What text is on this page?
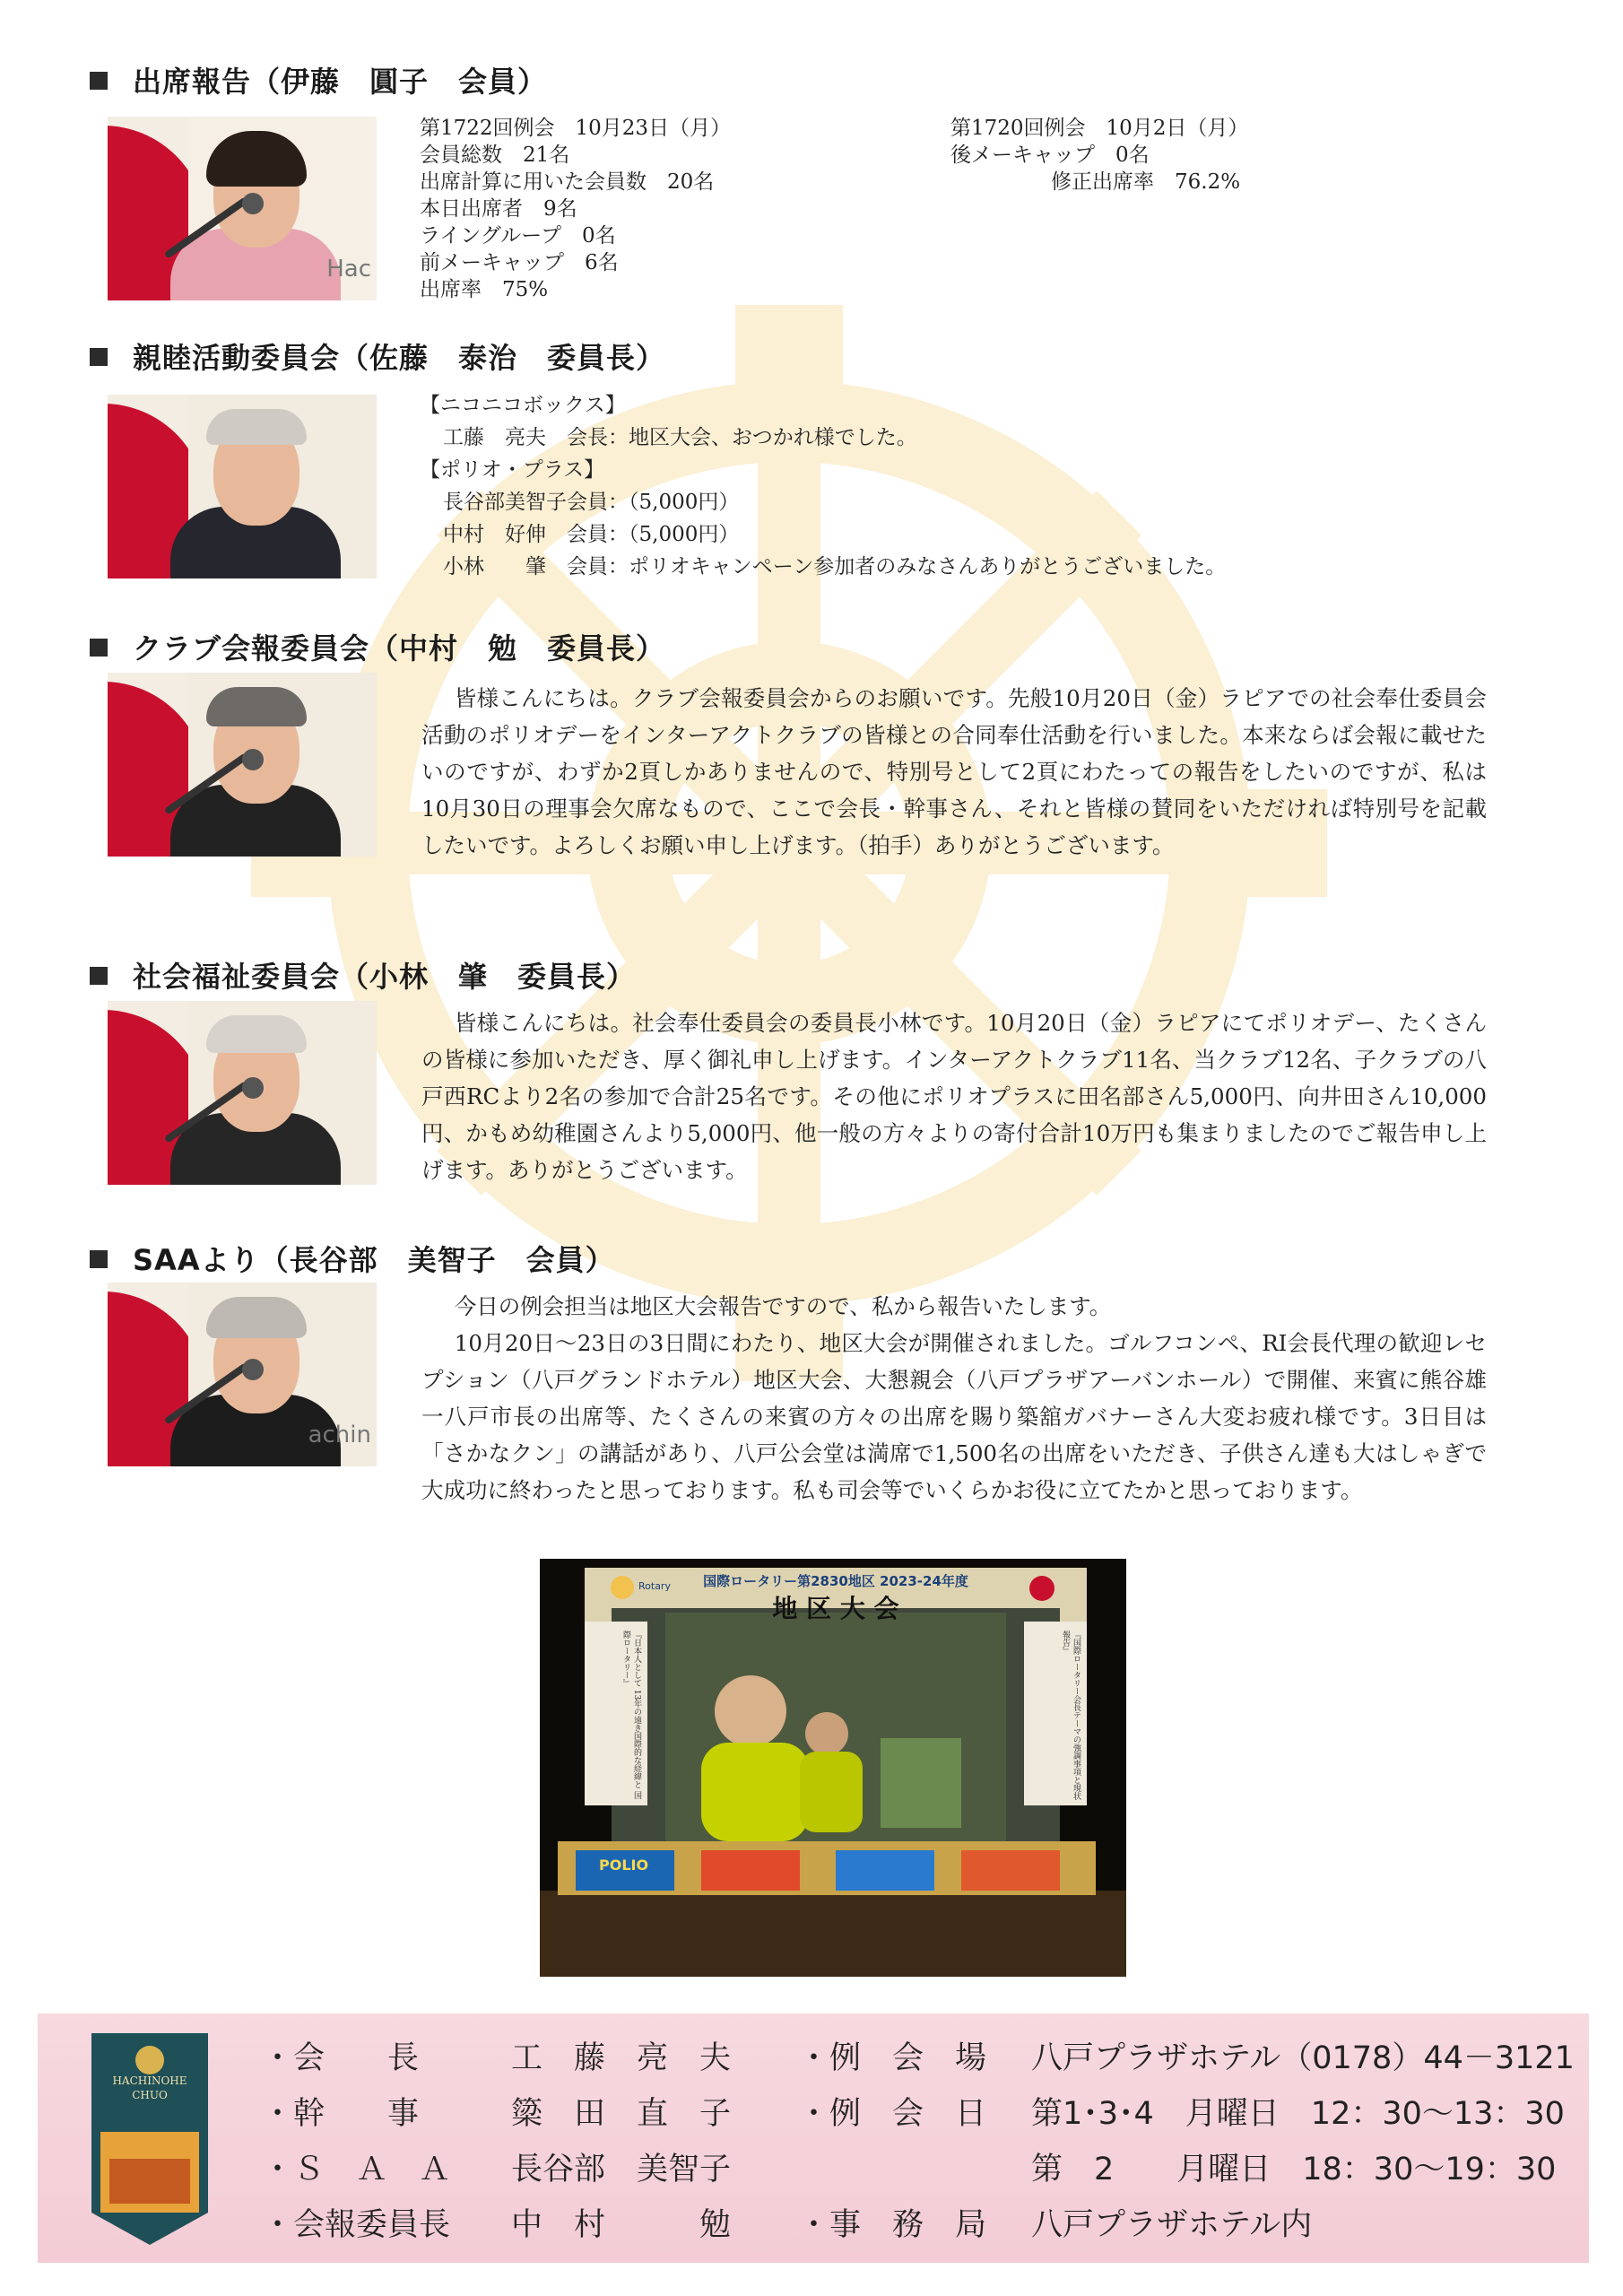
出席報告（伊藤　圓子　会員）
Hac
第1722回例会　10月23日（月）
会員総数　21名
出席計算に用いた会員数　20名
本日出席者　9名
ライングループ　0名
前メーキャップ　6名
出席率　75%
第1720回例会　10月2日（月）
後メーキャップ　0名
修正出席率　76.2%
親睦活動委員会（佐藤　泰治　委員長）
【ニコニコボックス】
工藤　亮夫　会長：地区大会、おつかれ様でした。
【ポリオ・プラス】
長谷部美智子会員：（5,000円）
中村　好伸　会員：（5,000円）
小林　　肇　会員：ポリオキャンペーン参加者のみなさんありがとうございました。
クラブ会報委員会（中村　勉　委員長）

皆様こんにちは。クラブ会報委員会からのお願いです。先般10月20日（金）ラピアでの社会奉仕委員会活動のポリオデーをインターアクトクラブの皆様との合同奉仕活動を行いました。本来ならば会報に載せたいのですが、わずか2頁しかありませんので、特別号として2頁にわたっての報告をしたいのですが、私は10月30日の理事会欠席なもので、ここで会長・幹事さん、それと皆様の賛同をいただければ特別号を記載したいです。よろしくお願い申し上げます。（拍手）ありがとうございます。

社会福祉委員会（小林　肇　委員長）

皆様こんにちは。社会奉仕委員会の委員長小林です。10月20日（金）ラピアにてポリオデー、たくさんの皆様に参加いただき、厚く御礼申し上げます。インターアクトクラブ11名、当クラブ12名、子クラブの八戸西RCより2名の参加で合計25名です。その他にポリオプラスに田名部さん5,000円、向井田さん10,000円、かもめ幼稚園さんより5,000円、他一般の方々よりの寄付合計10万円も集まりましたのでご報告申し上げます。ありがとうございます。

SAAより（長谷部　美智子　会員）
achin

今日の例会担当は地区大会報告ですので、私から報告いたします。

10月20日～23日の3日間にわたり、地区大会が開催されました。ゴルフコンペ、RI会長代理の歓迎レセプション（八戸グランドホテル）地区大会、大懇親会（八戸プラザアーバンホール）で開催、来賓に熊谷雄一八戸市長の出席等、たくさんの来賓の方々の出席を賜り築舘ガバナーさん大変お疲れ様です。3日目は「さかなクン」の講話があり、八戸公会堂は満席で1,500名の出席をいただき、子供さん達も大はしゃぎで大成功に終わったと思っております。私も司会等でいくらかお役に立てたかと思っております。

国際ロータリー第2830地区 2023-24年度
地 区 大 会
Rotary
『日本人として 13年の遠き国際的な経緯と 国際ロータリー』	『国際ロータリー会長テーマの強調事項と現状報告』
POLIO
HACHINOHE
CHUO
・会　　長	工　藤　亮　夫 ・例　会　場 八戸プラザホテル（0178）44－3121
・幹　　事	簗　田　直　子 ・例　会　日 第1･3･4　月曜日　12：30～13：30
・Ｓ　Ａ　Ａ 長谷部　美智子	第　2　　月曜日　18：30～19：30
・会報委員長 中　村　　　勉 ・事　務　局 八戸プラザホテル内
